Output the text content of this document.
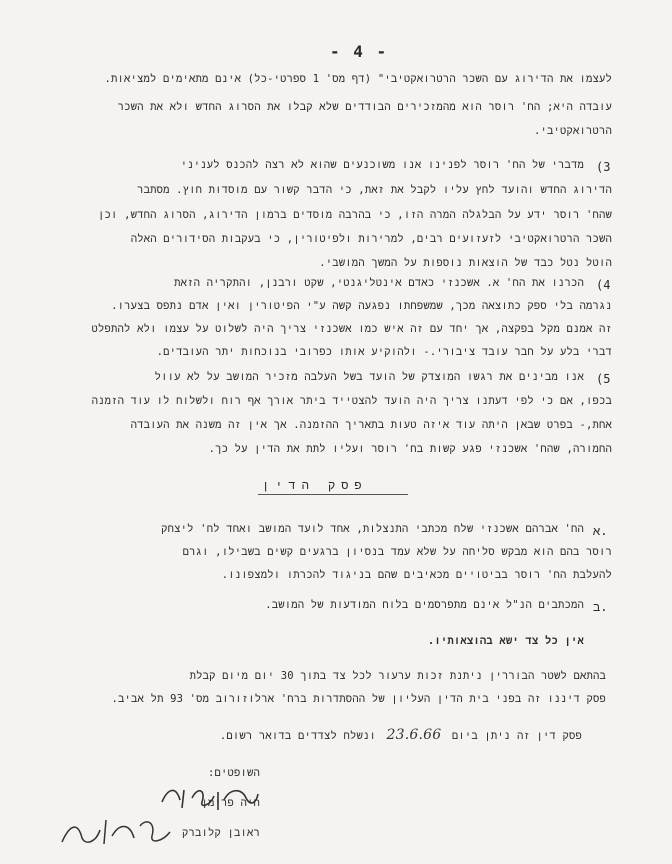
- 4 -
לעצמו את הדירוג עם השכר הרטרואקטיבי" (דף מס' 1 ספרטי-כל) אינם מתאימים למציאות.
עובדה היא; הח' רוסר הוא מהמזכירים הבודדים שלא קבלו את הסרוג החדש ולא את השכר
הרטרואקטיבי.
(3
מדברי של הח' רוסר לפנינו אנו משוכנעים שהוא לא רצה להכנס לעניני
הדירוג החדש והועד לחץ עליו לקבל את זאת, כי הדבר קשור עם מוסדות חוץ. מסתבר
שהח' רוסר ידע על הבלגלה המרה הזו, כי בהרבה מוסדים ברמון הדירוג, הסרוג החדש, וכן
השכר הרטרואקטיבי לזעזועים רבים, למרירות ולפיטורין, כי בעקבות הסידורים האלה
הוטל נטל כבד של הוצאות נוספות על המשך המושבי.
(4
הכרנו את הח' א. אשכנזי כאדם אינטליגנטי, שקט ורבנן, והתקריה הזאת
נגרמה בלי ספק כתוצאה מכך, שמשפחתו נפגעה קשה ע"י הפיטורין ואין אדם נתפס בצערו.
זה אמנם מקל בפקצה, אך יחד עם זה איש כמו אשכנזי צריך היה לשלוט על עצמו ולא להתפלט
דברי בלע על חבר עובד ציבורי.- ולהוקיע אותו כפרובי בנוכחות יתר העובדים.
(5
אנו מבינים את רגשו המוצדק של הועד בשל העלבה מזכיר המושב על לא עוול
בכפו, אם כי לפי דעתנו צריך היה הועד להצטייד ביתר אורך אף רוח ולשלוח לו עוד הזמנה
אחת,- בפרט שבאן היתה עוד איזה טעות בתאריך ההזמנה. אך אין זה משנה את העובדה
החמורה, שהח' אשכנזי פגע קשות בח' רוסר ועליו לתת את הדין על כך.
פסק הדין
א.
הח' אברהם אשכנזי שלח מכתבי התנצלות, אחד לועד המושב ואחד לח' ליצחק
רוסר בהם הוא מבקש סליחה על שלא עמד בנסיון ברגעים קשים בשבילו, וגרם
להעלבת הח' רוסר בביטויים מכאיבים שהם בניגוד להכרתו ולמצפונו.
ב.
המכתבים הנ"ל אינם מתפרסמים בלוח המודעות של המושב.
אין כל צד ישא בהוצאותיו.
בהתאם לשטר הבוררין ניתנת זכות ערעור לכל צד בתוך 30 יום מיום קבלת
פסק דיננו זה בפני בית הדין העליון של ההסתדרות ברח' ארלוזורוב מס' 93 תל אביב.
פסק דין זה ניתן ביום 23.6.66 ונשלח לצדדים בדואר רשום.
השופטים:
חיה פרימן
ראובן קלוברק
